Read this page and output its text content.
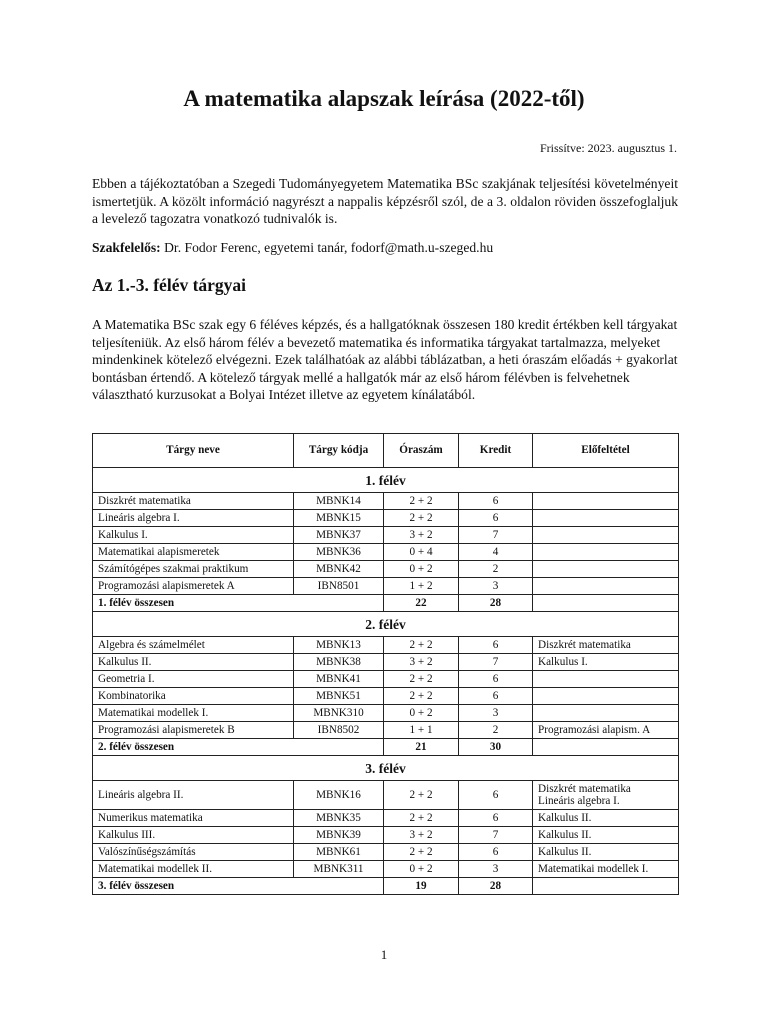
A matematika alapszak leírása (2022-től)
Frissítve: 2023. augusztus 1.

Ebben a tájékoztatóban a Szegedi Tudományegyetem Matematika BSc szakjának teljesítési követelményeit ismertetjük. A közölt információ nagyrészt a nappalis képzésről szól, de a 3. oldalon röviden összefoglaljuk a levelező tagozatra vonatkozó tudnivalók is.

Szakfelelős: Dr. Fodor Ferenc, egyetemi tanár, fodorf@math.u-szeged.hu

Az 1.-3. félév tárgyai

A Matematika BSc szak egy 6 féléves képzés, és a hallgatóknak összesen 180 kredit értékben kell tárgyakat teljesíteniük. Az első három félév a bevezető matematika és informatika tárgyakat tartalmazza, melyeket mindenkinek kötelező elvégezni. Ezek találhatóak az alábbi táblázatban, a heti óraszám előadás + gyakorlat bontásban értendő. A kötelező tárgyak mellé a hallgatók már az első három félévben is felvehetnek választható kurzusokat a Bolyai Intézet illetve az egyetem kínálatából.

Tárgy neve	Tárgy kódja	Óraszám	Kredit	Előfeltétel
1. félév				
Diszkrét matematika	MBNK14	2 + 2	6	
Lineáris algebra I.	MBNK15	2 + 2	6	
Kalkulus I.	MBNK37	3 + 2	7	
Matematikai alapismeretek	MBNK36	0 + 4	4	
Számítógépes szakmai praktikum	MBNK42	0 + 2	2	
Programozási alapismeretek A	IBN8501	1 + 2	3	
1. félév összesen		22	28	
2. félév				
Algebra és számelmélet	MBNK13	2 + 2	6	Diszkrét matematika
Kalkulus II.	MBNK38	3 + 2	7	Kalkulus I.
Geometria I.	MBNK41	2 + 2	6	
Kombinatorika	MBNK51	2 + 2	6	
Matematikai modellek I.	MBNK310	0 + 2	3	
Programozási alapismeretek B	IBN8502	1 + 1	2	Programozási alapism. A
2. félév összesen		21	30	
3. félév				
Lineáris algebra II.	MBNK16	2 + 2	6	Diszkrét matematika
Lineáris algebra I.
Numerikus matematika	MBNK35	2 + 2	6	Kalkulus II.
Kalkulus III.	MBNK39	3 + 2	7	Kalkulus II.
Valószínűségszámítás	MBNK61	2 + 2	6	Kalkulus II.
Matematikai modellek II.	MBNK311	0 + 2	3	Matematikai modellek I.
3. félév összesen		19	28	
1
